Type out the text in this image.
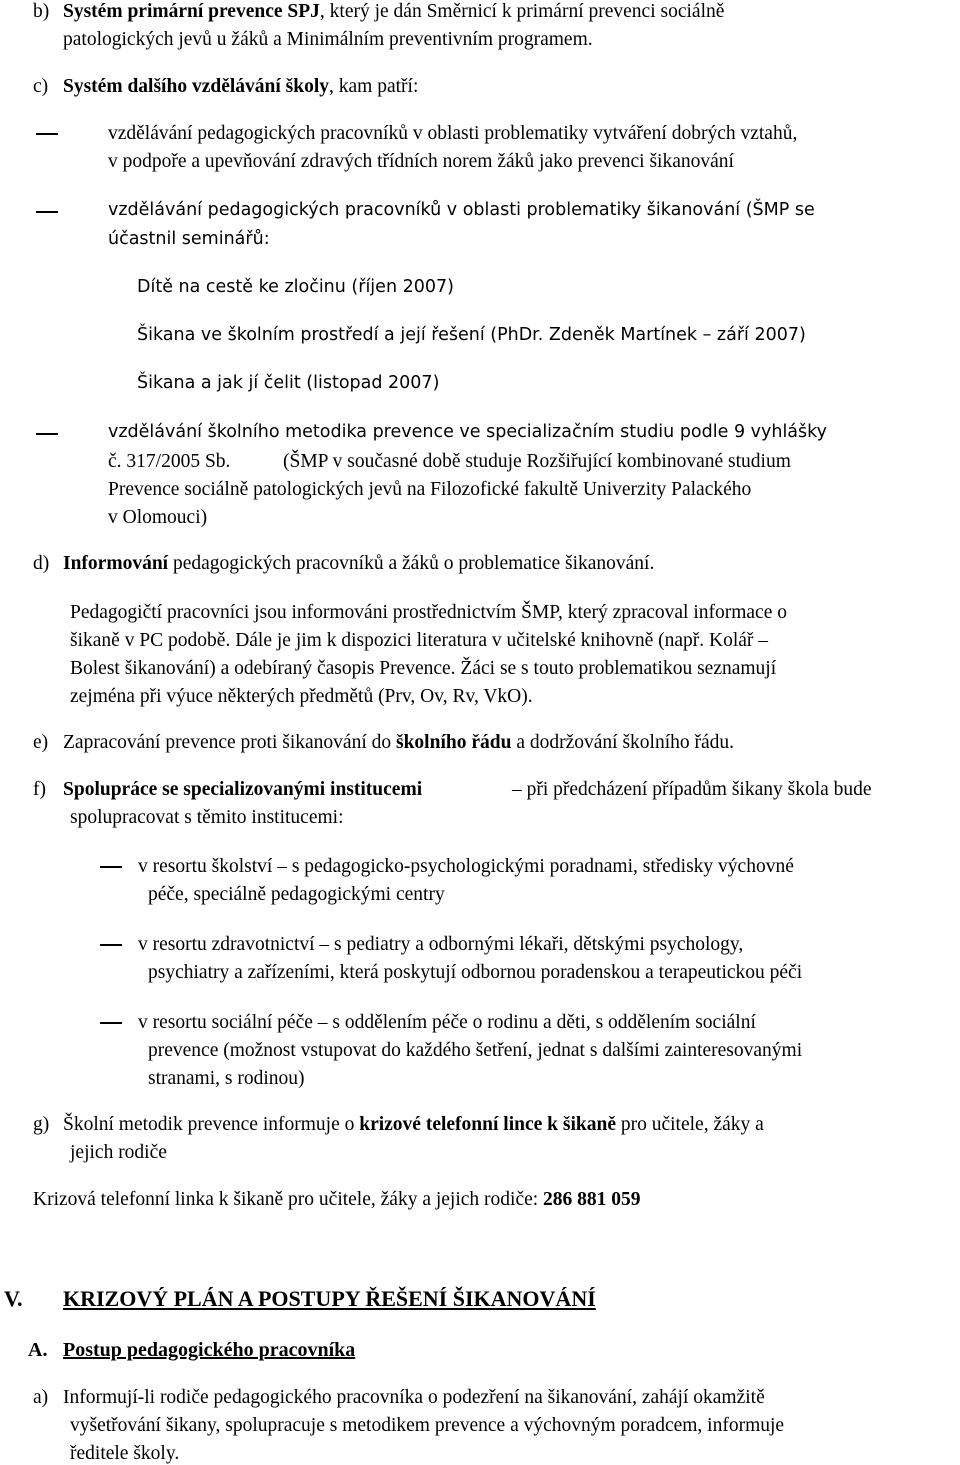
b) Systém primární prevence SPJ, který je dán Směrnicí k primární prevenci sociálně
patologických jevů u žáků a Minimálním preventivním programem.
c) Systém dalšího vzdělávání školy, kam patří:
vzdělávání pedagogických pracovníků v oblasti problematiky vytváření dobrých vztahů,
v podpoře a upevňování zdravých třídních norem žáků jako prevenci šikanování
vzdělávání pedagogických pracovníků v oblasti problematiky šikanování (ŠMP se
účastnil seminářů:
Dítě na cestě ke zločinu (říjen 2007)
Šikana ve školním prostředí a její řešení (PhDr. Zdeněk Martínek – září 2007)
Šikana a jak jí čelit (listopad 2007)
vzdělávání školního metodika prevence ve specializačním studiu podle 9 vyhlášky
č. 317/2005 Sb.	(ŠMP v současné době studuje Rozšiřující kombinované studium
Prevence sociálně patologických jevů na Filozofické fakultě Univerzity Palackého
v Olomouci)
d) Informování pedagogických pracovníků a žáků o problematice šikanování.
Pedagogičtí pracovníci jsou informováni prostřednictvím ŠMP, který zpracoval informace o
šikaně v PC podobě. Dále je jim k dispozici literatura v učitelské knihovně (např. Kolář –
Bolest šikanování) a odebíraný časopis Prevence. Žáci se s touto problematikou seznamují
zejména při výuce některých předmětů (Prv, Ov, Rv, VkO).
e) Zapracování prevence proti šikanování do školního řádu a dodržování školního řádu.
f) Spolupráce se specializovanými institucemi	– při předcházení případům šikany škola bude
spolupracovat s těmito institucemi:
v resortu školství – s pedagogicko-psychologickými poradnami, středisky výchovné
péče, speciálně pedagogickými centry
v resortu zdravotnictví – s pediatry a odbornými lékaři, dětskými psychology,
psychiatry a zařízeními, která poskytují odbornou poradenskou a terapeutickou péči
v resortu sociální péče – s oddělením péče o rodinu a děti, s oddělením sociální
prevence (možnost vstupovat do každého šetření, jednat s dalšími zainteresovanými
stranami, s rodinou)
g) Školní metodik prevence informuje o krizové telefonní lince k šikaně pro učitele, žáky a
jejich rodiče
Krizová telefonní linka k šikaně pro učitele, žáky a jejich rodiče: 286 881 059
V. KRIZOVÝ PLÁN A POSTUPY ŘEŠENÍ ŠIKANOVÁNÍ
A. Postup pedagogického pracovníka
a) Informují-li rodiče pedagogického pracovníka o podezření na šikanování, zahájí okamžitě
vyšetřování šikany, spolupracuje s metodikem prevence a výchovným poradcem, informuje
ředitele školy.
